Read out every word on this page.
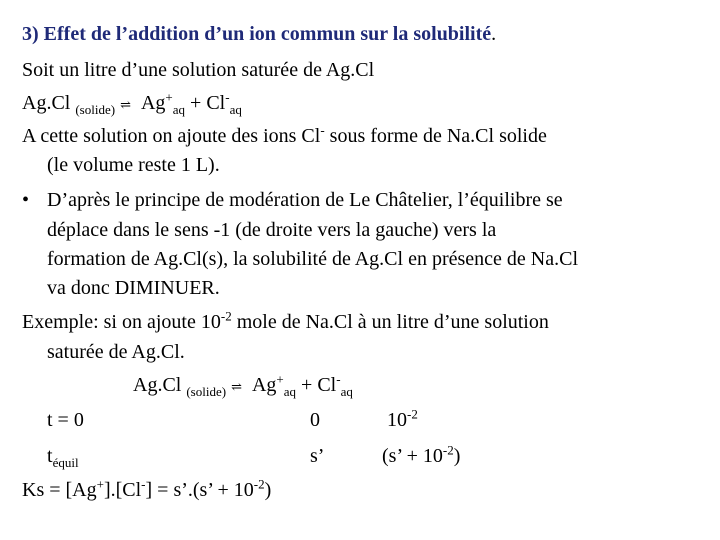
3) Effet de l’addition d’un ion commun sur la solubilité.
Soit un litre d’une solution saturée de Ag.Cl
Ag.Cl $_{(solide)}$ ⇌ $Ag^+_{aq} + Cl^-_{aq}$
A cette solution on ajoute des ions Cl- sous forme de Na.Cl solide
(le volume reste 1 L).
• D’après le principe de modération de Le Châtelier, l’équilibre se
déplace dans le sens -1 (de droite vers la gauche) vers la
formation de Ag.Cl(s), la solubilité de Ag.Cl en présence de Na.Cl
va donc DIMINUER.
Exemple: si on ajoute $10^{-2}$ mole de Na.Cl à un litre d’une solution
saturée de Ag.Cl.
Ag.Cl $_{(solide)}$ ⇌ $Ag^+_{aq} + Cl^-_{aq}$
t = 0	0	$10^{-2}$
$t_{équil}$	s’	(s’ + $10^{-2}$)
Ks = [Ag+].[Cl-] = s’.(s’ + $10^{-2}$)
